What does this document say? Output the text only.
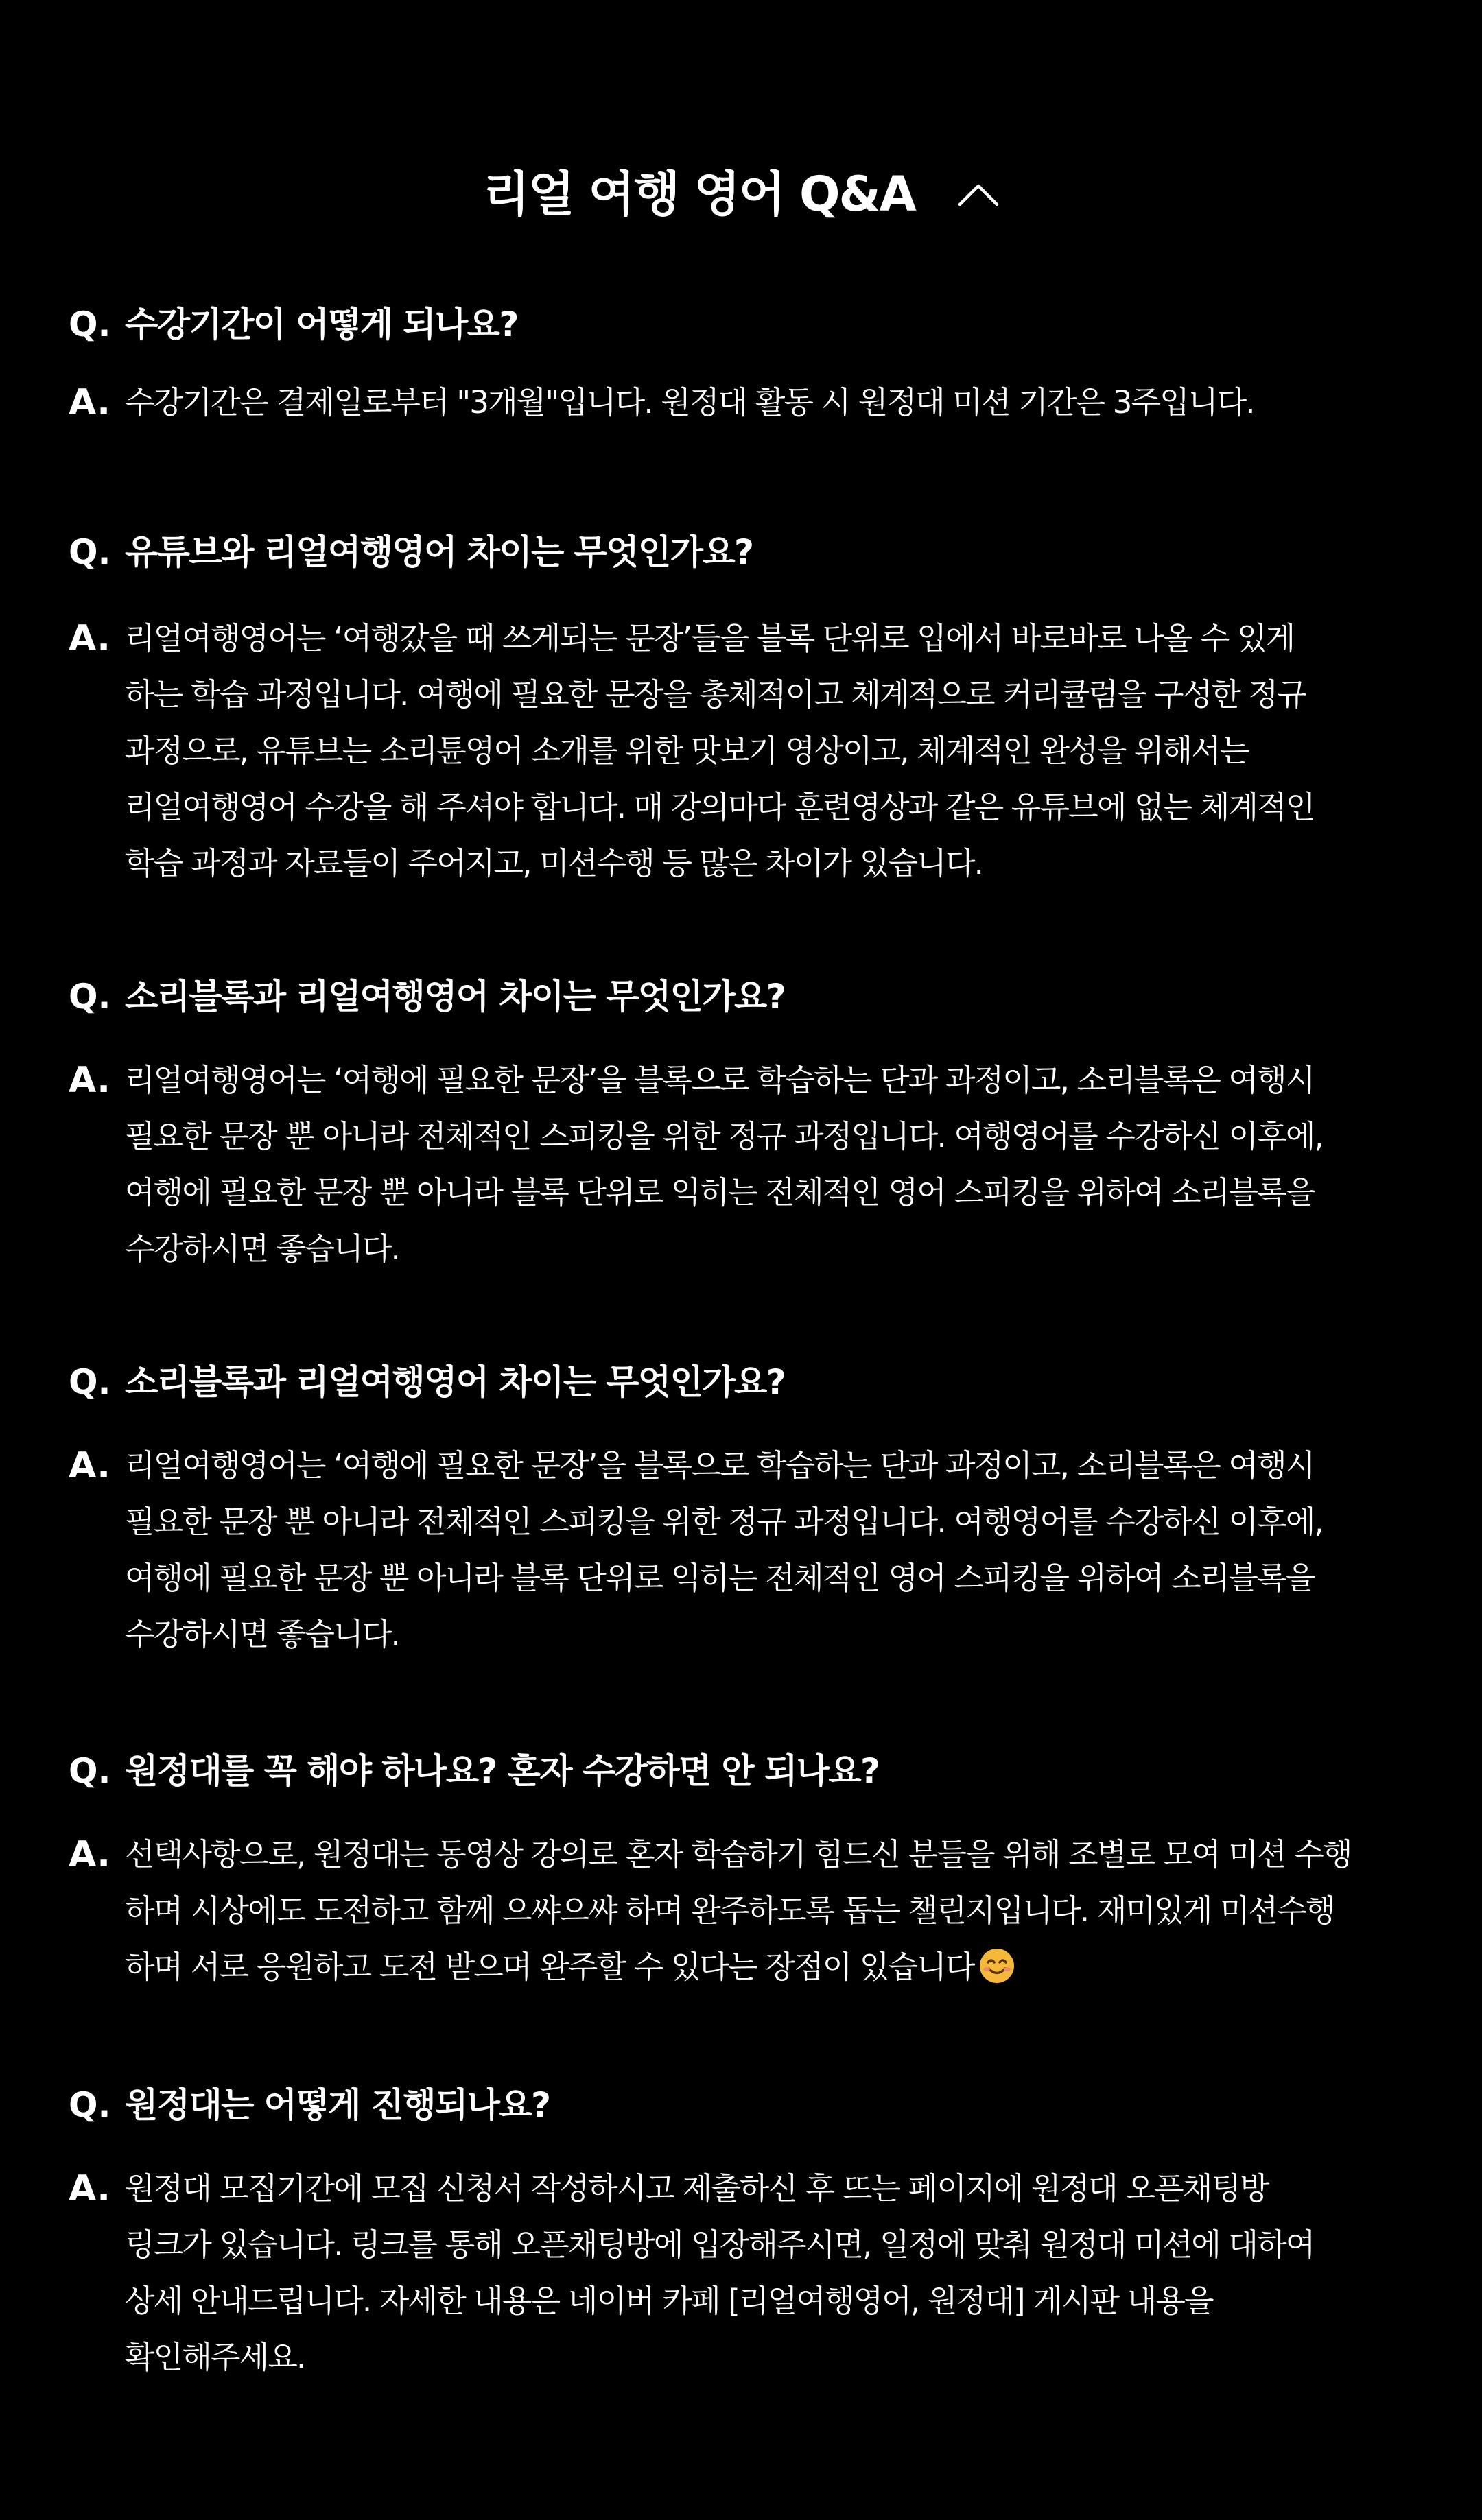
리얼 여행 영어 Q&A
Q. 수강기간이 어떻게 되나요?
A. 수강기간은 결제일로부터 "3개월"입니다. 원정대 활동 시 원정대 미션 기간은 3주입니다.
Q. 유튜브와 리얼여행영어 차이는 무엇인가요?
A. 리얼여행영어는 ‘여행갔을 때 쓰게되는 문장’들을 블록 단위로 입에서 바로바로 나올 수 있게
하는 학습 과정입니다. 여행에 필요한 문장을 총체적이고 체계적으로 커리큘럼을 구성한 정규
과정으로, 유튜브는 소리튠영어 소개를 위한 맛보기 영상이고, 체계적인 완성을 위해서는
리얼여행영어 수강을 해 주셔야 합니다. 매 강의마다 훈련영상과 같은 유튜브에 없는 체계적인
학습 과정과 자료들이 주어지고, 미션수행 등 많은 차이가 있습니다.
Q. 소리블록과 리얼여행영어 차이는 무엇인가요?
A. 리얼여행영어는 ‘여행에 필요한 문장’을 블록으로 학습하는 단과 과정이고, 소리블록은 여행시
필요한 문장 뿐 아니라 전체적인 스피킹을 위한 정규 과정입니다. 여행영어를 수강하신 이후에,
여행에 필요한 문장 뿐 아니라 블록 단위로 익히는 전체적인 영어 스피킹을 위하여 소리블록을
수강하시면 좋습니다.
Q. 소리블록과 리얼여행영어 차이는 무엇인가요?
A. 리얼여행영어는 ‘여행에 필요한 문장’을 블록으로 학습하는 단과 과정이고, 소리블록은 여행시
필요한 문장 뿐 아니라 전체적인 스피킹을 위한 정규 과정입니다. 여행영어를 수강하신 이후에,
여행에 필요한 문장 뿐 아니라 블록 단위로 익히는 전체적인 영어 스피킹을 위하여 소리블록을
수강하시면 좋습니다.
Q. 원정대를 꼭 해야 하나요? 혼자 수강하면 안 되나요?
A. 선택사항으로, 원정대는 동영상 강의로 혼자 학습하기 힘드신 분들을 위해 조별로 모여 미션 수행
하며 시상에도 도전하고 함께 으쌰으쌰 하며 완주하도록 돕는 챌린지입니다. 재미있게 미션수행
하며 서로 응원하고 도전 받으며 완주할 수 있다는 장점이 있습니다
Q. 원정대는 어떻게 진행되나요?
A. 원정대 모집기간에 모집 신청서 작성하시고 제출하신 후 뜨는 페이지에 원정대 오픈채팅방
링크가 있습니다. 링크를 통해 오픈채팅방에 입장해주시면, 일정에 맞춰 원정대 미션에 대하여
상세 안내드립니다. 자세한 내용은 네이버 카페 [리얼여행영어, 원정대] 게시판 내용을
확인해주세요.
